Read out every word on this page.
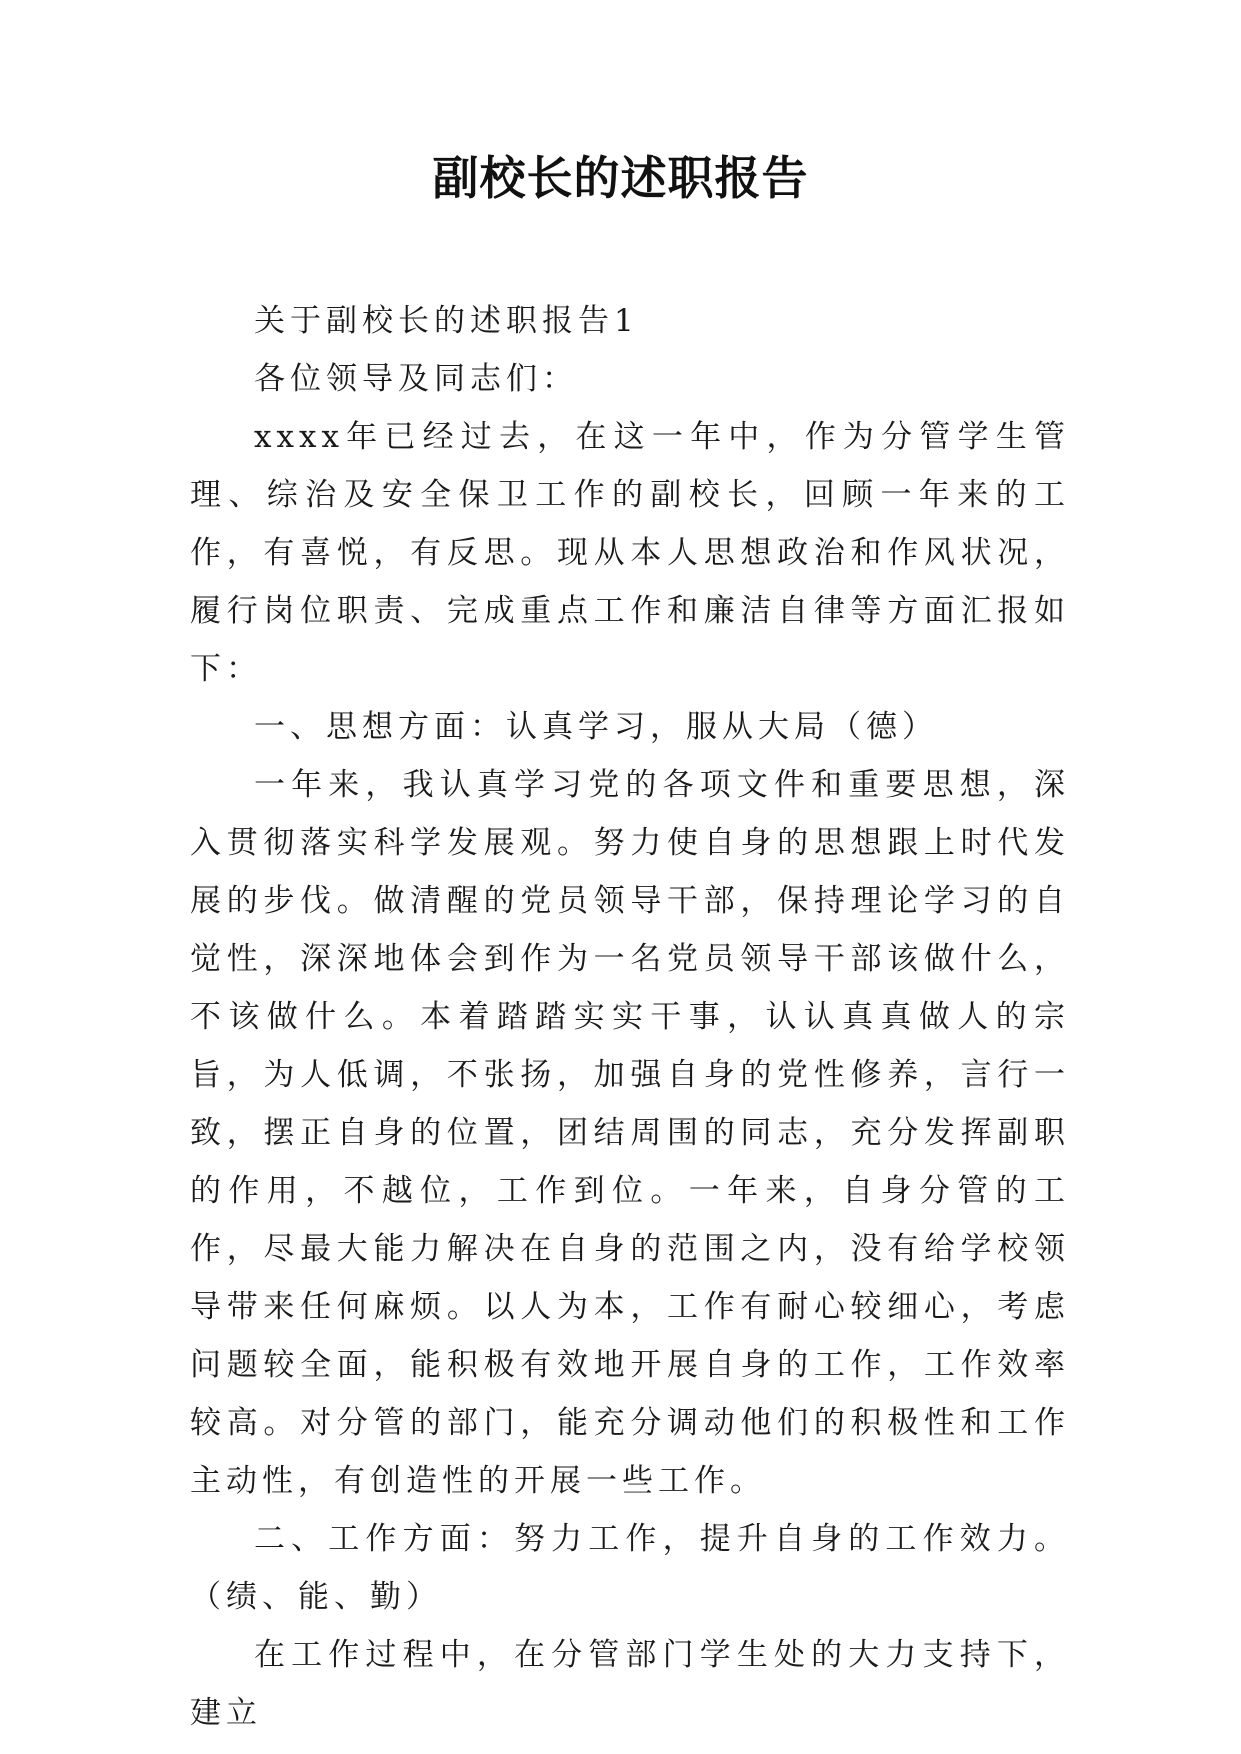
副校长的述职报告

关于副校长的述职报告1

各位领导及同志们：

xxxx年已经过去，在这一年中，作为分管学生管理、综治及安全保卫工作的副校长，回顾一年来的工作，有喜悦，有反思。现从本人思想政治和作风状况，履行岗位职责、完成重点工作和廉洁自律等方面汇报如下：

一、思想方面：认真学习，服从大局（德）

一年来，我认真学习党的各项文件和重要思想，深入贯彻落实科学发展观。努力使自身的思想跟上时代发展的步伐。做清醒的党员领导干部，保持理论学习的自觉性，深深地体会到作为一名党员领导干部该做什么，不该做什么。本着踏踏实实干事，认认真真做人的宗旨，为人低调，不张扬，加强自身的党性修养，言行一致，摆正自身的位置，团结周围的同志，充分发挥副职的作用，不越位，工作到位。一年来，自身分管的工作，尽最大能力解决在自身的范围之内，没有给学校领导带来任何麻烦。以人为本，工作有耐心较细心，考虑问题较全面，能积极有效地开展自身的工作，工作效率较高。对分管的部门，能充分调动他们的积极性和工作主动性，有创造性的开展一些工作。

二、工作方面：努力工作，提升自身的工作效力。（绩、能、勤）

在工作过程中，在分管部门学生处的大力支持下，建立
